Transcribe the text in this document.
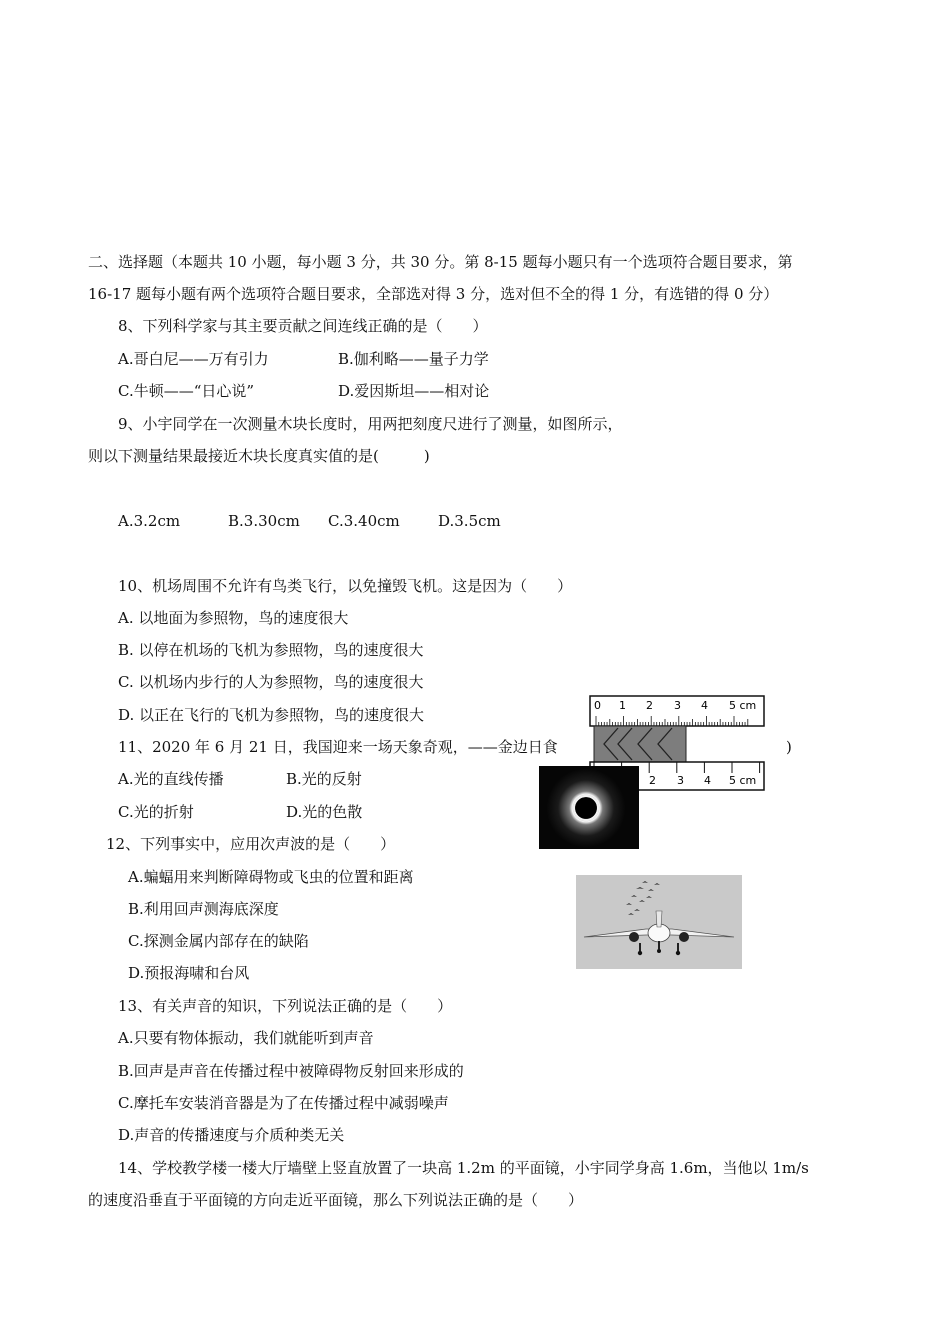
二、选择题（本题共 10 小题，每小题 3 分，共 30 分。第 8-15 题每小题只有一个选项符合题目要求，第
16-17 题每小题有两个选项符合题目要求，全部选对得 3 分，选对但不全的得 1 分，有选错的得 0 分）
8、下列科学家与其主要贡献之间连线正确的是（　　）
A.哥白尼——万有引力	B.伽利略——量子力学
C.牛顿——“日心说”	D.爱因斯坦——相对论
9、小宇同学在一次测量木块长度时，用两把刻度尺进行了测量，如图所示，
则以下测量结果最接近木块长度真实值的是(　　　)
A.3.2cm	B.3.30cm C.3.40cm	D.3.5cm
10、机场周围不允许有鸟类飞行，以免撞毁飞机。这是因为（　　）
A. 以地面为参照物，鸟的速度很大
B. 以停在机场的飞机为参照物，鸟的速度很大
C. 以机场内步行的人为参照物，鸟的速度很大
D. 以正在飞行的飞机为参照物，鸟的速度很大
11、2020 年 6 月 21 日，我国迎来一场天象奇观，——金边日食	)
A.光的直线传播	B.光的反射
C.光的折射	D.光的色散
12、下列事实中，应用次声波的是（　　）
A.蝙蝠用来判断障碍物或飞虫的位置和距离
B.利用回声测海底深度
C.探测金属内部存在的缺陷
D.预报海啸和台风
13、有关声音的知识，下列说法正确的是（　　）
A.只要有物体振动，我们就能听到声音
B.回声是声音在传播过程中被障碍物反射回来形成的
C.摩托车安装消音器是为了在传播过程中减弱噪声
D.声音的传播速度与介质种类无关
14、学校教学楼一楼大厅墙壁上竖直放置了一块高 1.2m 的平面镜，小宇同学身高 1.6m，当他以 1m/s
的速度沿垂直于平面镜的方向走近平面镜，那么下列说法正确的是（　　）
0 1 2 3 4 5 cm
2 3 4 5 cm
